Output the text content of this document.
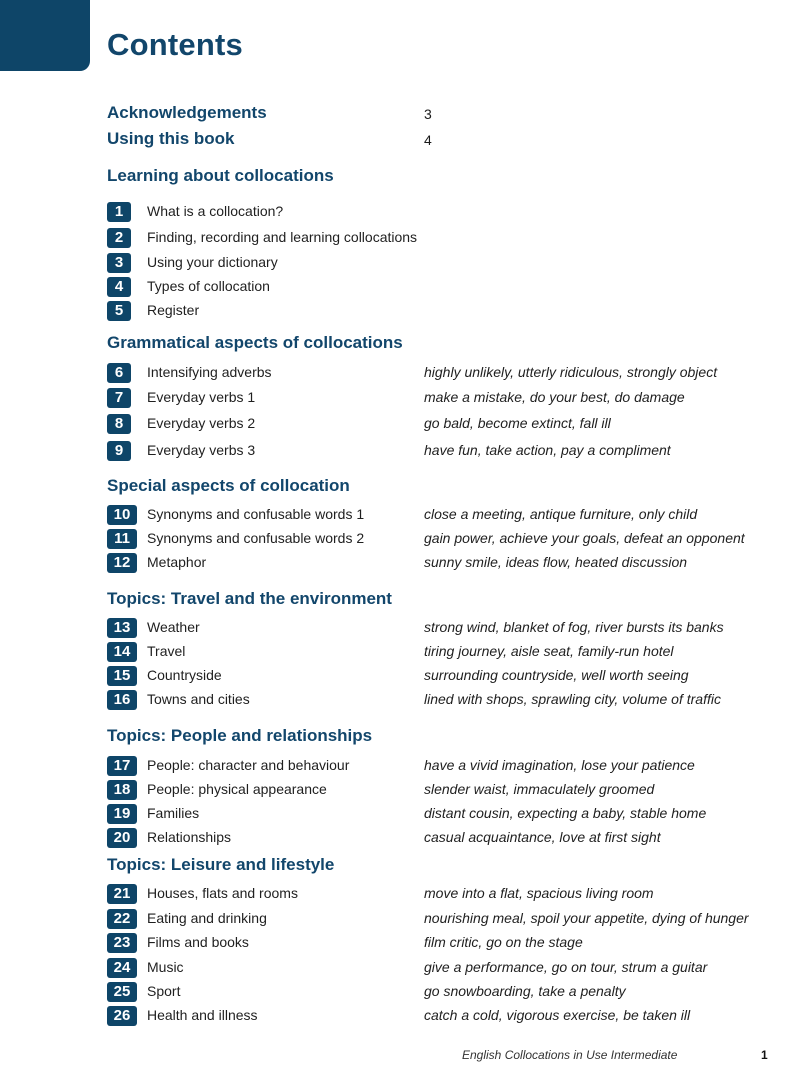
Contents
Acknowledgements	3
Using this book	4
Learning about collocations
1	What is a collocation?
2	Finding, recording and learning collocations
3	Using your dictionary
4	Types of collocation
5	Register
Grammatical aspects of collocations
6	Intensifying adverbs	highly unlikely, utterly ridiculous, strongly object
7	Everyday verbs 1	make a mistake, do your best, do damage
8	Everyday verbs 2	go bald, become extinct, fall ill
9	Everyday verbs 3	have fun, take action, pay a compliment
Special aspects of collocation
10	Synonyms and confusable words 1	close a meeting, antique furniture, only child
11	Synonyms and confusable words 2	gain power, achieve your goals, defeat an opponent
12	Metaphor	sunny smile, ideas flow, heated discussion
Topics: Travel and the environment
13	Weather	strong wind, blanket of fog, river bursts its banks
14	Travel	tiring journey, aisle seat, family-run hotel
15	Countryside	surrounding countryside, well worth seeing
16	Towns and cities	lined with shops, sprawling city, volume of traffic
Topics: People and relationships
17	People: character and behaviour	have a vivid imagination, lose your patience
18	People: physical appearance	slender waist, immaculately groomed
19	Families	distant cousin, expecting a baby, stable home
20	Relationships	casual acquaintance, love at first sight
Topics: Leisure and lifestyle
21	Houses, flats and rooms	move into a flat, spacious living room
22	Eating and drinking	nourishing meal, spoil your appetite, dying of hunger
23	Films and books	film critic, go on the stage
24	Music	give a performance, go on tour, strum a guitar
25	Sport	go snowboarding, take a penalty
26	Health and illness	catch a cold, vigorous exercise, be taken ill
English Collocations in Use Intermediate	1
